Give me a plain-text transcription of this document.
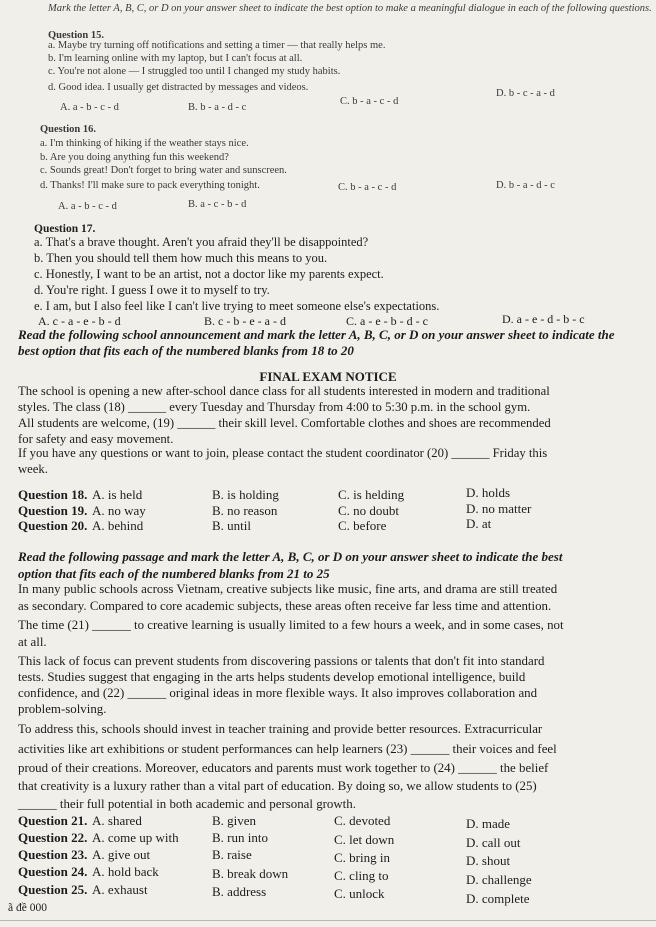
Mark the letter A, B, C, or D on your answer sheet to indicate the best option to make a meaningful dialogue in each of the following questions.
Question 15.
a. Maybe try turning off notifications and setting a timer — that really helps me.
b. I'm learning online with my laptop, but I can't focus at all.
c. You're not alone — I struggled too until I changed my study habits.
d. Good idea. I usually get distracted by messages and videos.
A. a - b - c - d	B. b - a - d - c
C. b - a - c - d
D. b - c - a - d
Question 16.
a. I'm thinking of hiking if the weather stays nice.
b. Are you doing anything fun this weekend?
c. Sounds great! Don't forget to bring water and sunscreen.
d. Thanks! I'll make sure to pack everything tonight.
A. a - b - c - d	B. a - c - b - d
C. b - a - c - d	D. b - a - d - c
Question 17.
a. That's a brave thought. Aren't you afraid they'll be disappointed?
b. Then you should tell them how much this means to you.
c. Honestly, I want to be an artist, not a doctor like my parents expect.
d. You're right. I guess I owe it to myself to try.
e. I am, but I also feel like I can't live trying to meet someone else's expectations.
A. c - a - e - b - d	B. c - b - e - a - d	C. a - e - b - d - c	D. a - e - d - b - c
Read the following school announcement and mark the letter A, B, C, or D on your answer sheet to indicate the best option that fits each of the numbered blanks from 18 to 20
FINAL EXAM NOTICE
The school is opening a new after-school dance class for all students interested in modern and traditional
styles. The class (18) ______ every Tuesday and Thursday from 4:00 to 5:30 p.m. in the school gym.
All students are welcome, (19) ______ their skill level. Comfortable clothes and shoes are recommended
for safety and easy movement.
If you have any questions or want to join, please contact the student coordinator (20) ______ Friday this
week.
Question 18. A. is held	B. is holding	C. is helding	D. holds
Question 19. A. no way	B. no reason	C. no doubt	D. no matter
Question 20. A. behind	B. until	C. before	D. at
Read the following passage and mark the letter A, B, C, or D on your answer sheet to indicate the best
option that fits each of the numbered blanks from 21 to 25
In many public schools across Vietnam, creative subjects like music, fine arts, and drama are still treated
as secondary. Compared to core academic subjects, these areas often receive far less time and attention.
The time (21) ______ to creative learning is usually limited to a few hours a week, and in some cases, not
at all.
This lack of focus can prevent students from discovering passions or talents that don't fit into standard
tests. Studies suggest that engaging in the arts helps students develop emotional intelligence, build
confidence, and (22) ______ original ideas in more flexible ways. It also improves collaboration and
problem-solving.
To address this, schools should invest in teacher training and provide better resources. Extracurricular
activities like art exhibitions or student performances can help learners (23) ______ their voices and feel
proud of their creations. Moreover, educators and parents must work together to (24) ______ the belief
that creativity is a luxury rather than a vital part of education. By doing so, we allow students to (25)
______ their full potential in both academic and personal growth.
Question 21. A. shared	B. given	C. devoted	D. made
Question 22. A. come up with	B. run into	C. let down	D. call out
Question 23. A. give out	B. raise	C. bring in	D. shout
Question 24. A. hold back	B. break down	C. cling to	D. challenge
Question 25. A. exhaust	B. address	C. unlock	D. complete
ã đề 000
